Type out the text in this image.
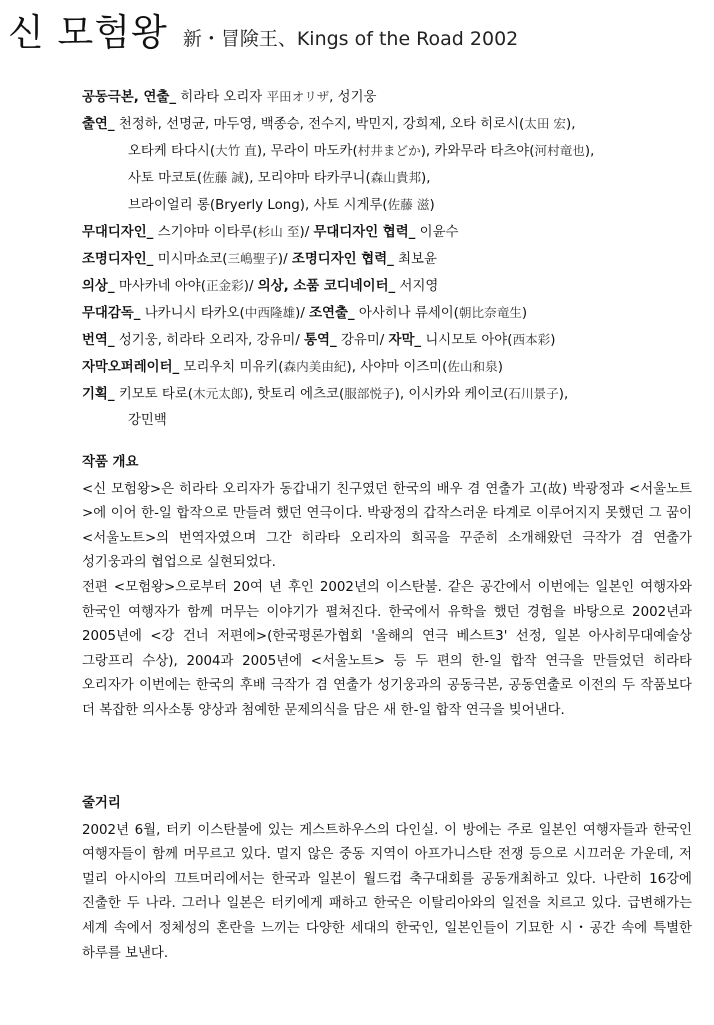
신 모험왕 新・冒険王、Kings of the Road 2002
공동극본, 연출_ 히라타 오리자 平田オリザ, 성기웅
출연_ 천정하, 선명균, 마두영, 백종승, 전수지, 박민지, 강희제, 오타 히로시(太田 宏),
오타케 타다시(大竹 直), 무라이 마도카(村井まどか), 카와무라 타츠야(河村竜也),
사토 마코토(佐藤 誠), 모리야마 타카쿠니(森山貴邦),
브라이얼리 롱(Bryerly Long), 사토 시게루(佐藤 滋)
무대디자인_ 스기야마 이타루(杉山 至)/ 무대디자인 협력_ 이윤수
조명디자인_ 미시마쇼코(三嶋聖子)/ 조명디자인 협력_ 최보윤
의상_ 마사카네 아야(正金彩)/ 의상, 소품 코디네이터_ 서지영
무대감독_ 나카니시 타카오(中西隆雄)/ 조연출_ 아사히나 류세이(朝比奈竜生)
번역_ 성기웅, 히라타 오리자, 강유미/ 통역_ 강유미/ 자막_ 니시모토 아야(西本彩)
자막오퍼레이터_ 모리우치 미유키(森内美由紀), 사야마 이즈미(佐山和泉)
기획_ 키모토 타로(木元太郎), 핫토리 에츠코(服部悦子), 이시카와 케이코(石川景子),
강민백
작품 개요
<신 모험왕>은 히라타 오리자가 동갑내기 친구였던 한국의 배우 겸 연출가 고(故) 박광정과 <서울노트>에 이어 한-일 합작으로 만들려 했던 연극이다. 박광정의 갑작스러운 타계로 이루어지지 못했던 그 꿈이 <서울노트>의 번역자였으며 그간 히라타 오리자의 희곡을 꾸준히 소개해왔던 극작가 겸 연출가 성기웅과의 협업으로 실현되었다.
전편 <모험왕>으로부터 20여 년 후인 2002년의 이스탄불. 같은 공간에서 이번에는 일본인 여행자와 한국인 여행자가 함께 머무는 이야기가 펼쳐진다. 한국에서 유학을 했던 경험을 바탕으로 2002년과 2005년에 <강 건너 저편에>(한국평론가협회 '올해의 연극 베스트3' 선정, 일본 아사히무대예술상 그랑프리 수상), 2004과 2005년에 <서울노트> 등 두 편의 한-일 합작 연극을 만들었던 히라타 오리자가 이번에는 한국의 후배 극작가 겸 연출가 성기웅과의 공동극본, 공동연출로 이전의 두 작품보다 더 복잡한 의사소통 양상과 첨예한 문제의식을 담은 새 한-일 합작 연극을 빚어낸다.
줄거리
2002년 6월, 터키 이스탄불에 있는 게스트하우스의 다인실. 이 방에는 주로 일본인 여행자들과 한국인 여행자들이 함께 머무르고 있다. 멀지 않은 중동 지역이 아프가니스탄 전쟁 등으로 시끄러운 가운데, 저 멀리 아시아의 끄트머리에서는 한국과 일본이 월드컵 축구대회를 공동개최하고 있다. 나란히 16강에 진출한 두 나라. 그러나 일본은 터키에게 패하고 한국은 이탈리아와의 일전을 치르고 있다. 급변해가는 세계 속에서 정체성의 혼란을 느끼는 다양한 세대의 한국인, 일본인들이 기묘한 시・공간 속에 특별한 하루를 보낸다.
